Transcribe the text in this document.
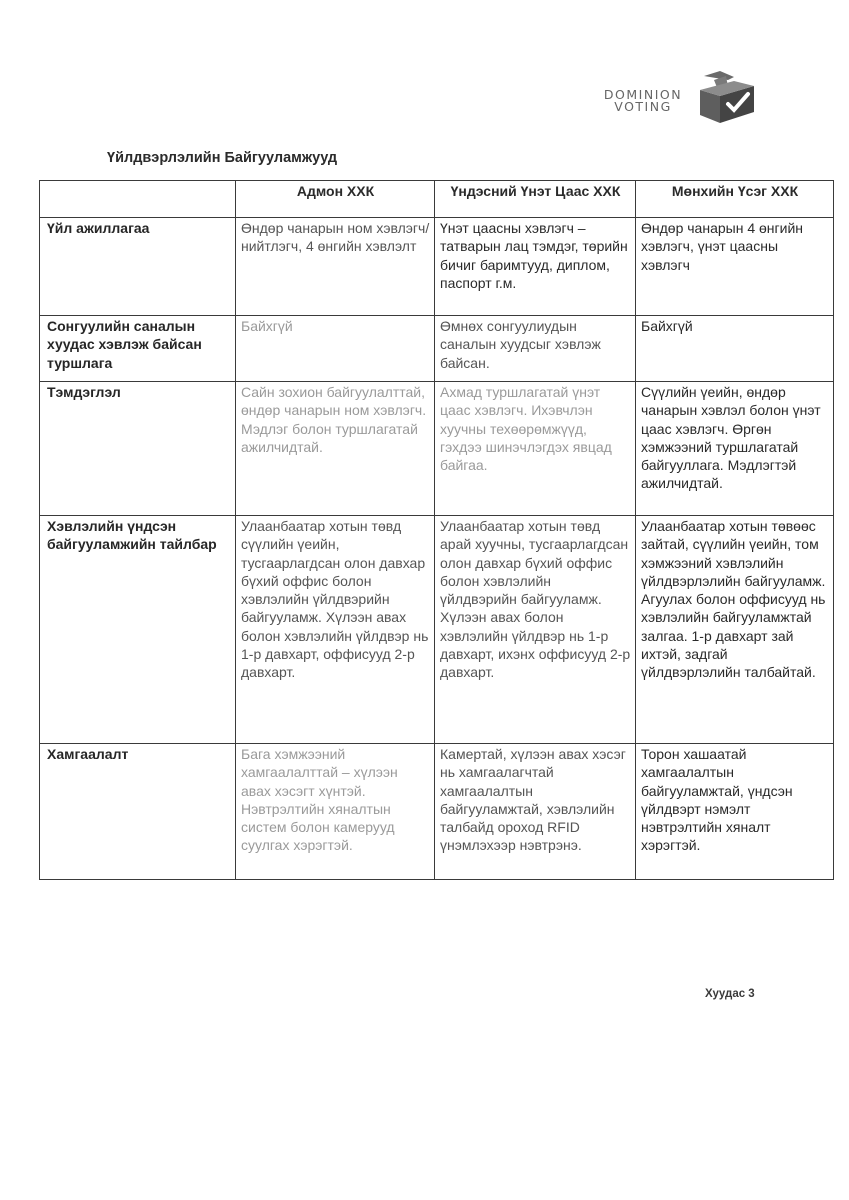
DOMINION
VOTING
Үйлдвэрлэлийн Байгууламжууд
	Адмон ХХК	Үндэсний Үнэт Цаас ХХК	Мөнхийн Үсэг ХХК
Үйл ажиллагаа	Өндөр чанарын ном хэвлэгч/нийтлэгч, 4 өнгийн хэвлэлт	Үнэт цаасны хэвлэгч – татварын лац тэмдэг, төрийн бичиг баримтууд, диплом, паспорт г.м.	Өндөр чанарын 4 өнгийн хэвлэгч, үнэт цаасны хэвлэгч
Сонгуулийн саналын хуудас хэвлэж байсан туршлага	Байхгүй	Өмнөх сонгуулиудын саналын хуудсыг хэвлэж байсан.	Байхгүй
Тэмдэглэл	Сайн зохион байгуулалттай, өндөр чанарын ном хэвлэгч. Мэдлэг болон туршлагатай ажилчидтай.	Ахмад туршлагатай үнэт цаас хэвлэгч. Ихэвчлэн хуучны техөөрөмжүүд, гэхдээ шинэчлэгдэх явцад байгаа.	Сүүлийн үеийн, өндөр чанарын хэвлэл болон үнэт цаас хэвлэгч. Өргөн хэмжээний туршлагатай байгууллага. Мэдлэгтэй ажилчидтай.
Хэвлэлийн үндсэн байгууламжийн тайлбар	Улаанбаатар хотын төвд сүүлийн үеийн, тусгаарлагдсан олон давхар бүхий оффис болон хэвлэлийн үйлдвэрийн байгууламж. Хүлээн авах болон хэвлэлийн үйлдвэр нь 1-р давхарт, оффисууд 2-р давхарт.	Улаанбаатар хотын төвд арай хуучны, тусгаарлагдсан олон давхар бүхий оффис болон хэвлэлийн үйлдвэрийн байгууламж. Хүлээн авах болон хэвлэлийн үйлдвэр нь 1-р давхарт, ихэнх оффисууд 2-р давхарт.	Улаанбаатар хотын төвөөс зайтай, сүүлийн үеийн, том хэмжээний хэвлэлийн үйлдвэрлэлийн байгууламж. Агуулах болон оффисууд нь хэвлэлийн байгууламжтай залгаа. 1-р давхарт зай ихтэй, задгай үйлдвэрлэлийн талбайтай.
Хамгаалалт	Бага хэмжээний хамгаалалттай – хүлээн авах хэсэгт хүнтэй. Нэвтрэлтийн хяналтын систем болон камерууд суулгах хэрэгтэй.	Камертай, хүлээн авах хэсэг нь хамгаалагчтай хамгаалалтын байгууламжтай, хэвлэлийн талбайд ороход RFID үнэмлэхээр нэвтрэнэ.	Торон хашаатай хамгаалалтын байгууламжтай, үндсэн үйлдвэрт нэмэлт нэвтрэлтийн хяналт хэрэгтэй.
Хуудас 3
